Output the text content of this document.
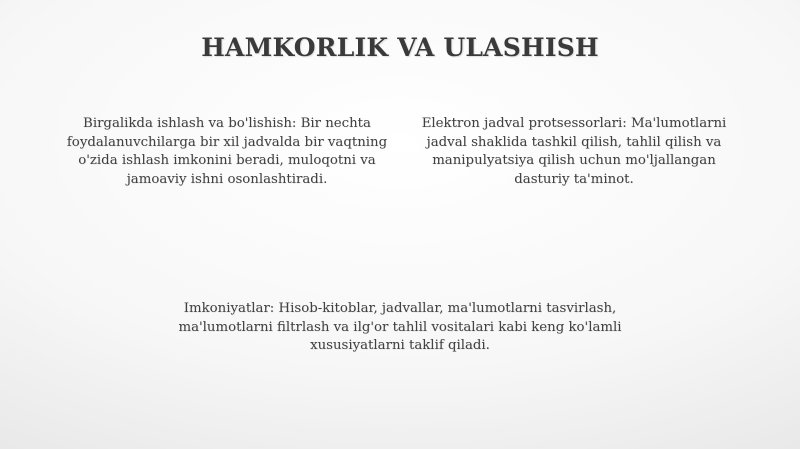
HAMKORLIK VA ULASHISH
Birgalikda ishlash va bo'lishish: Bir nechta foydalanuvchilarga bir xil jadvalda bir vaqtning o'zida ishlash imkonini beradi, muloqotni va jamoaviy ishni osonlashtiradi.
Elektron jadval protsessorlari: Ma'lumotlarni jadval shaklida tashkil qilish, tahlil qilish va manipulyatsiya qilish uchun mo'ljallangan dasturiy ta'minot.
Imkoniyatlar: Hisob-kitoblar, jadvallar, ma'lumotlarni tasvirlash, ma'lumotlarni filtrlash va ilg'or tahlil vositalari kabi keng ko'lamli xususiyatlarni taklif qiladi.
